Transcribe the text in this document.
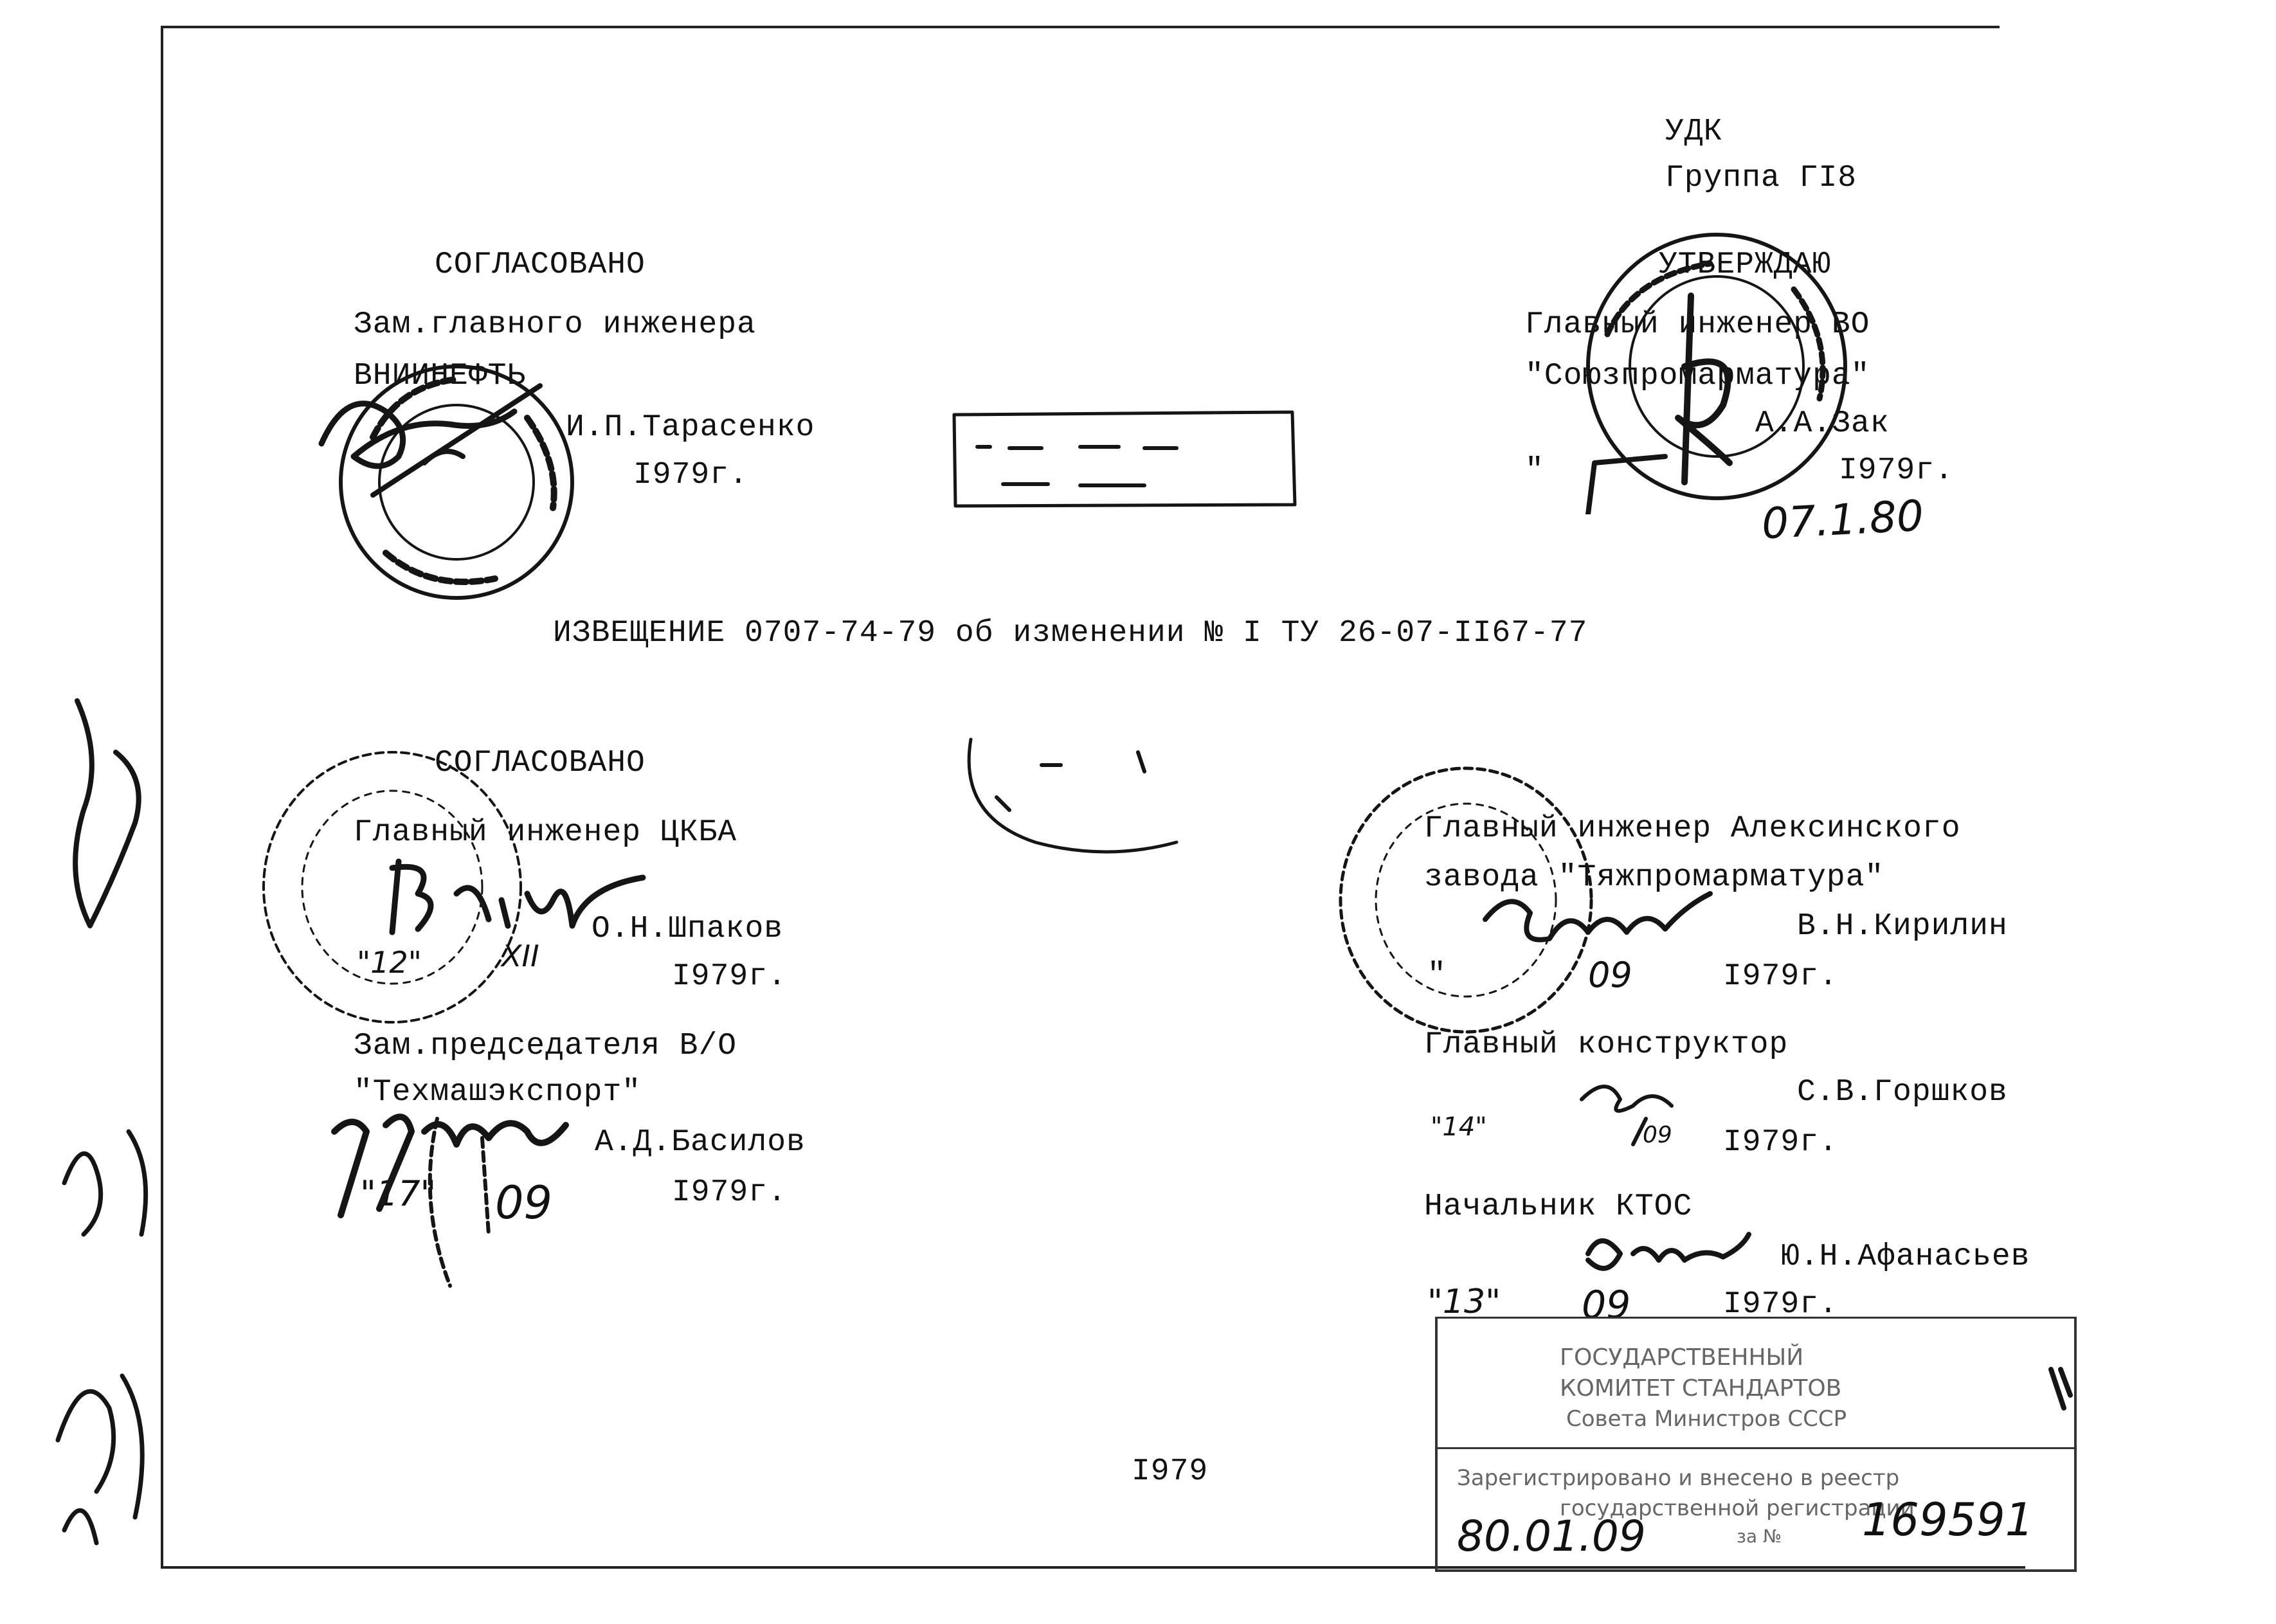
УДК
Группа ГI8
СОГЛАСОВАНО
Зам.главного инженера
ВНИИНЕФТЬ
И.П.Тарасенко
I979г.
УТВЕРЖДАЮ
Главный инженер ВО
"Союзпромарматура"
А.А.Зак
"	I979г.
07.1.80
ИЗВЕЩЕНИЕ 0707-74-79 об изменении № I ТУ 26-07-II67-77
СОГЛАСОВАНО
Главный инженер ЦКБА
О.Н.Шпаков
"12"	XII
I979г.
Зам.председателя В/О
"Техмашэкспорт"
А.Д.Басилов
"17" 09	I979г.
Главный инженер Алексинского
завода "Тяжпромарматура"
В.Н.Кирилин
"	09	I979г.
Главный конструктор
С.В.Горшков
"14"	09 I979г.
Начальник КТОС
Ю.Н.Афанасьев
"13" 09	I979г.
I979
ГОСУДАРСТВЕННЫЙ
КОМИТЕТ СТАНДАРТОВ
Совета Министров СССР
Зарегистрировано и внесено в реестр
государственной регистрации
за №
80.01.09	169591
